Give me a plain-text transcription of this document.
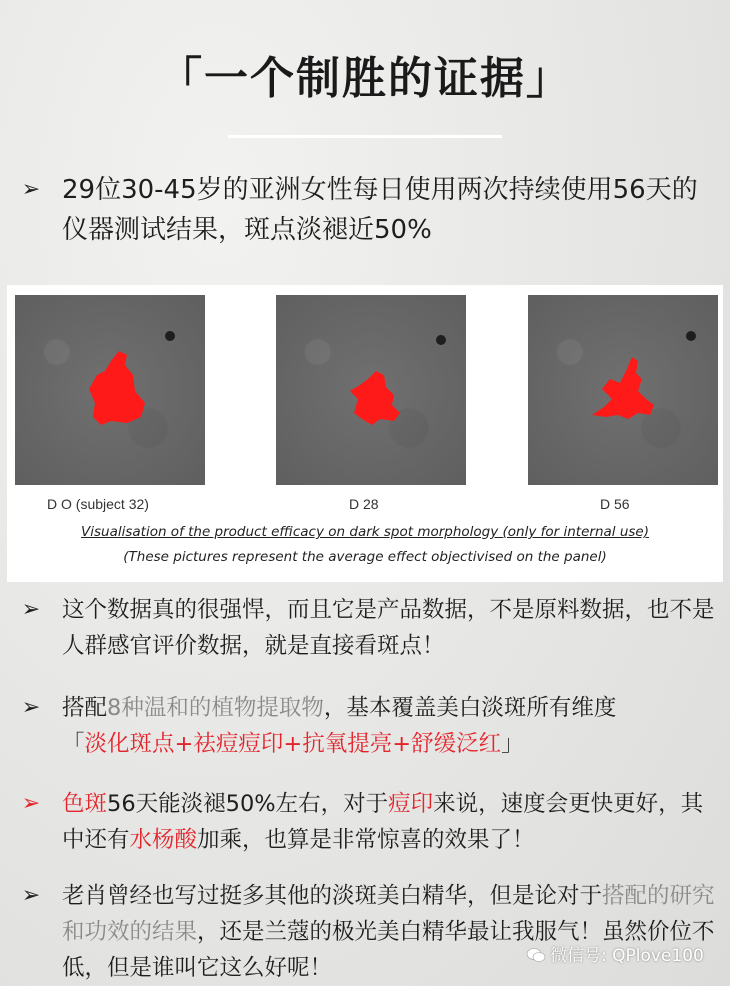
「一个制胜的证据」
➢ 29位30-45岁的亚洲女性每日使用两次持续使用56天的仪器测试结果，斑点淡褪近50%
D O (subject 32)	D 28	D 56
Visualisation of the product efficacy on dark spot morphology (only for internal use)
(These pictures represent the average effect objectivised on the panel)
➢ 这个数据真的很强悍，而且它是产品数据，不是原料数据，也不是人群感官评价数据，就是直接看斑点！
➢ 搭配8种温和的植物提取物，基本覆盖美白淡斑所有维度
「淡化斑点+祛痘痘印+抗氧提亮+舒缓泛红」
➢ 色斑56天能淡褪50%左右，对于痘印来说，速度会更快更好，其中还有水杨酸加乘，也算是非常惊喜的效果了！
➢ 老肖曾经也写过挺多其他的淡斑美白精华，但是论对于搭配的研究和功效的结果，还是兰蔻的极光美白精华最让我服气！虽然价位不低，但是谁叫它这么好呢！	微信号: QPlove100
